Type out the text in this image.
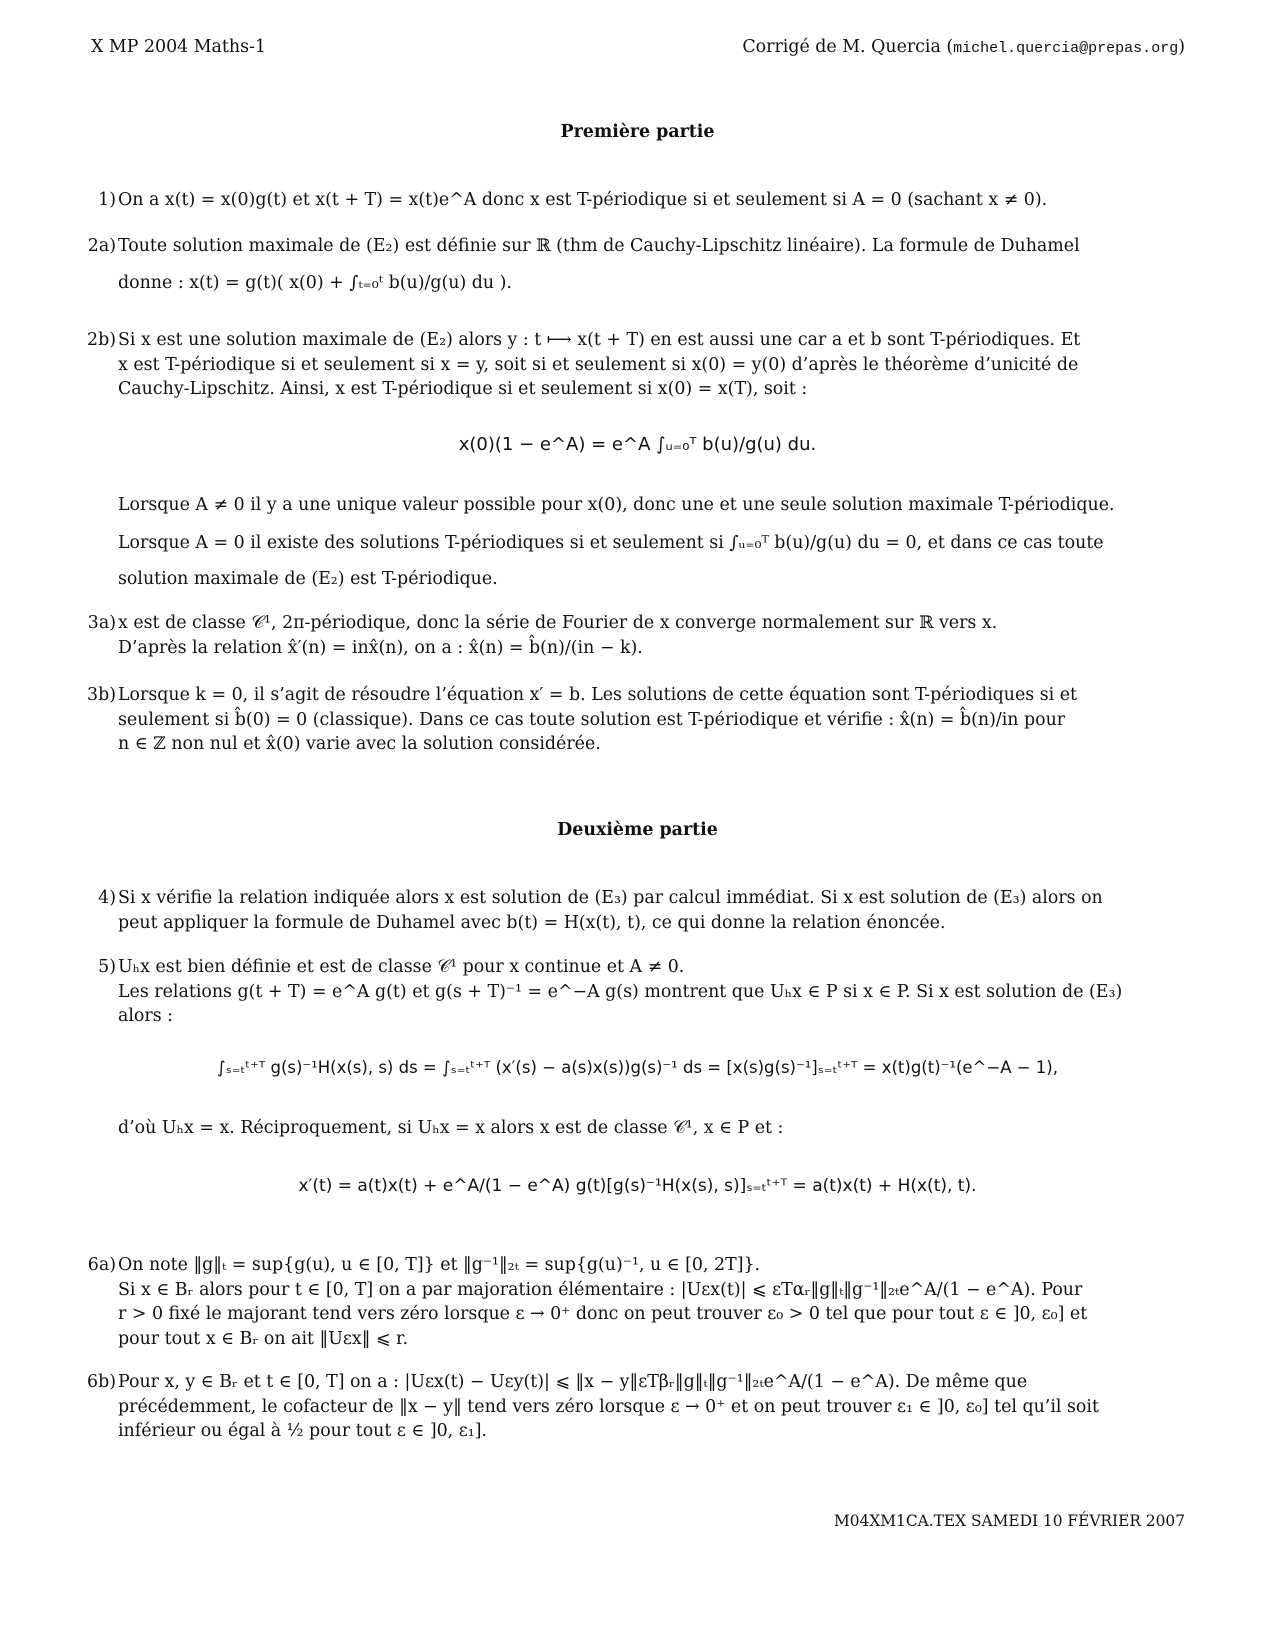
X MP 2004 Maths-1	Corrigé de M. Quercia (michel.quercia@prepas.org)
Première partie
1) On a x(t) = x(0)g(t) et x(t + T) = x(t)e^A donc x est T-périodique si et seulement si A = 0 (sachant x ≠ 0).
2a) Toute solution maximale de (E₂) est définie sur ℝ (thm de Cauchy-Lipschitz linéaire). La formule de Duhamel
donne : x(t) = g(t)( x(0) + ∫ₜ₌₀ᵗ b(u)/g(u) du ).
2b) Si x est une solution maximale de (E₂) alors y : t ⟼ x(t + T) en est aussi une car a et b sont T-périodiques. Et
x est T-périodique si et seulement si x = y, soit si et seulement si x(0) = y(0) d’après le théorème d’unicité de
Cauchy-Lipschitz. Ainsi, x est T-périodique si et seulement si x(0) = x(T), soit :
x(0)(1 − e^A) = e^A ∫ᵤ₌₀ᵀ b(u)/g(u) du.
Lorsque A ≠ 0 il y a une unique valeur possible pour x(0), donc une et une seule solution maximale T-périodique.
Lorsque A = 0 il existe des solutions T-périodiques si et seulement si ∫ᵤ₌₀ᵀ b(u)/g(u) du = 0, et dans ce cas toute
solution maximale de (E₂) est T-périodique.
3a) x est de classe 𝒞¹, 2π-périodique, donc la série de Fourier de x converge normalement sur ℝ vers x.
D’après la relation x̂′(n) = inx̂(n), on a : x̂(n) = b̂(n)/(in − k).
3b) Lorsque k = 0, il s’agit de résoudre l’équation x′ = b. Les solutions de cette équation sont T-périodiques si et
seulement si b̂(0) = 0 (classique). Dans ce cas toute solution est T-périodique et vérifie : x̂(n) = b̂(n)/in pour
n ∈ ℤ non nul et x̂(0) varie avec la solution considérée.
Deuxième partie
4) Si x vérifie la relation indiquée alors x est solution de (E₃) par calcul immédiat. Si x est solution de (E₃) alors on
peut appliquer la formule de Duhamel avec b(t) = H(x(t), t), ce qui donne la relation énoncée.
5) Uₕx est bien définie et est de classe 𝒞¹ pour x continue et A ≠ 0.
Les relations g(t + T) = e^A g(t) et g(s + T)⁻¹ = e^−A g(s) montrent que Uₕx ∈ P si x ∈ P. Si x est solution de (E₃)
alors :
∫ₛ₌ₜᵗ⁺ᵀ g(s)⁻¹H(x(s), s) ds = ∫ₛ₌ₜᵗ⁺ᵀ (x′(s) − a(s)x(s))g(s)⁻¹ ds = [x(s)g(s)⁻¹]ₛ₌ₜᵗ⁺ᵀ = x(t)g(t)⁻¹(e^−A − 1),
d’où Uₕx = x. Réciproquement, si Uₕx = x alors x est de classe 𝒞¹, x ∈ P et :
x′(t) = a(t)x(t) + e^A/(1 − e^A) g(t)[g(s)⁻¹H(x(s), s)]ₛ₌ₜᵗ⁺ᵀ = a(t)x(t) + H(x(t), t).
6a) On note ‖g‖ₜ = sup{g(u), u ∈ [0, T]} et ‖g⁻¹‖₂ₜ = sup{g(u)⁻¹, u ∈ [0, 2T]}.
Si x ∈ Bᵣ alors pour t ∈ [0, T] on a par majoration élémentaire : |Uεx(t)| ⩽ εTαᵣ‖g‖ₜ‖g⁻¹‖₂ₜe^A/(1 − e^A). Pour
r > 0 fixé le majorant tend vers zéro lorsque ε → 0⁺ donc on peut trouver ε₀ > 0 tel que pour tout ε ∈ ]0, ε₀] et
pour tout x ∈ Bᵣ on ait ‖Uεx‖ ⩽ r.
6b) Pour x, y ∈ Bᵣ et t ∈ [0, T] on a : |Uεx(t) − Uεy(t)| ⩽ ‖x − y‖εTβᵣ‖g‖ₜ‖g⁻¹‖₂ₜe^A/(1 − e^A). De même que
précédemment, le cofacteur de ‖x − y‖ tend vers zéro lorsque ε → 0⁺ et on peut trouver ε₁ ∈ ]0, ε₀] tel qu’il soit
inférieur ou égal à ½ pour tout ε ∈ ]0, ε₁].
M04XM1CA.TEX SAMEDI 10 FÉVRIER 2007
